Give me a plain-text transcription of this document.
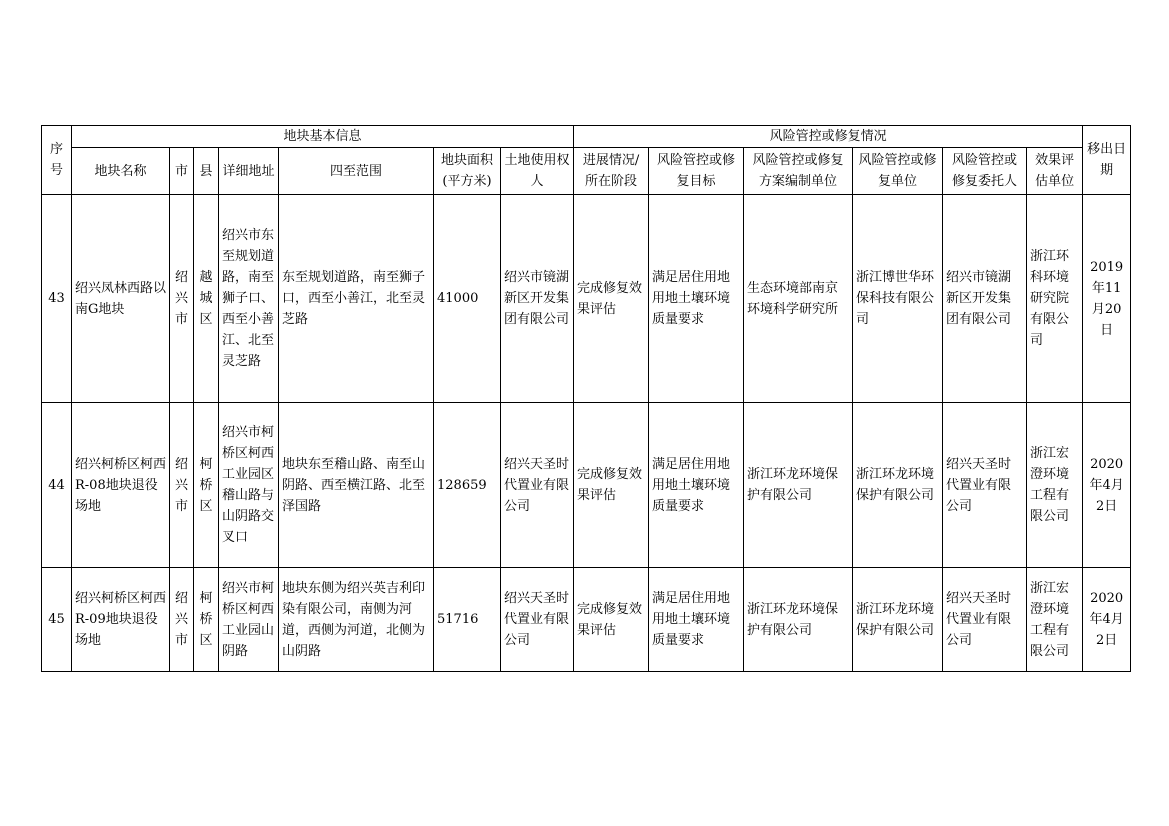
序号	地块基本信息							风险管控或修复情况						移出日期
	地块名称	市	县	详细地址	四至范围	地块面积(平方米)	土地使用权人	进展情况/所在阶段	风险管控或修复目标	风险管控或修复方案编制单位	风险管控或修复单位	风险管控或修复委托人	效果评估单位	
43	绍兴凤林西路以南G地块	绍兴市	越城区	绍兴市东至规划道路，南至狮子口、西至小善江、北至灵芝路	东至规划道路，南至狮子口，西至小善江，北至灵芝路	41000	绍兴市镜湖新区开发集团有限公司	完成修复效果评估	满足居住用地用地土壤环境质量要求	生态环境部南京环境科学研究所	浙江博世华环保科技有限公司	绍兴市镜湖新区开发集团有限公司	浙江环科环境研究院有限公司	2019年11月20日
44	绍兴柯桥区柯西R-08地块退役场地	绍兴市	柯桥区	绍兴市柯桥区柯西工业园区稽山路与山阴路交叉口	地块东至稽山路、南至山阴路、西至横江路、北至泽国路	128659	绍兴天圣时代置业有限公司	完成修复效果评估	满足居住用地用地土壤环境质量要求	浙江环龙环境保护有限公司	浙江环龙环境保护有限公司	绍兴天圣时代置业有限公司	浙江宏澄环境工程有限公司	2020年4月2日
45	绍兴柯桥区柯西R-09地块退役场地	绍兴市	柯桥区	绍兴市柯桥区柯西工业园山阴路	地块东侧为绍兴英吉利印染有限公司，南侧为河道，西侧为河道，北侧为山阴路	51716	绍兴天圣时代置业有限公司	完成修复效果评估	满足居住用地用地土壤环境质量要求	浙江环龙环境保护有限公司	浙江环龙环境保护有限公司	绍兴天圣时代置业有限公司	浙江宏澄环境工程有限公司	2020年4月2日
